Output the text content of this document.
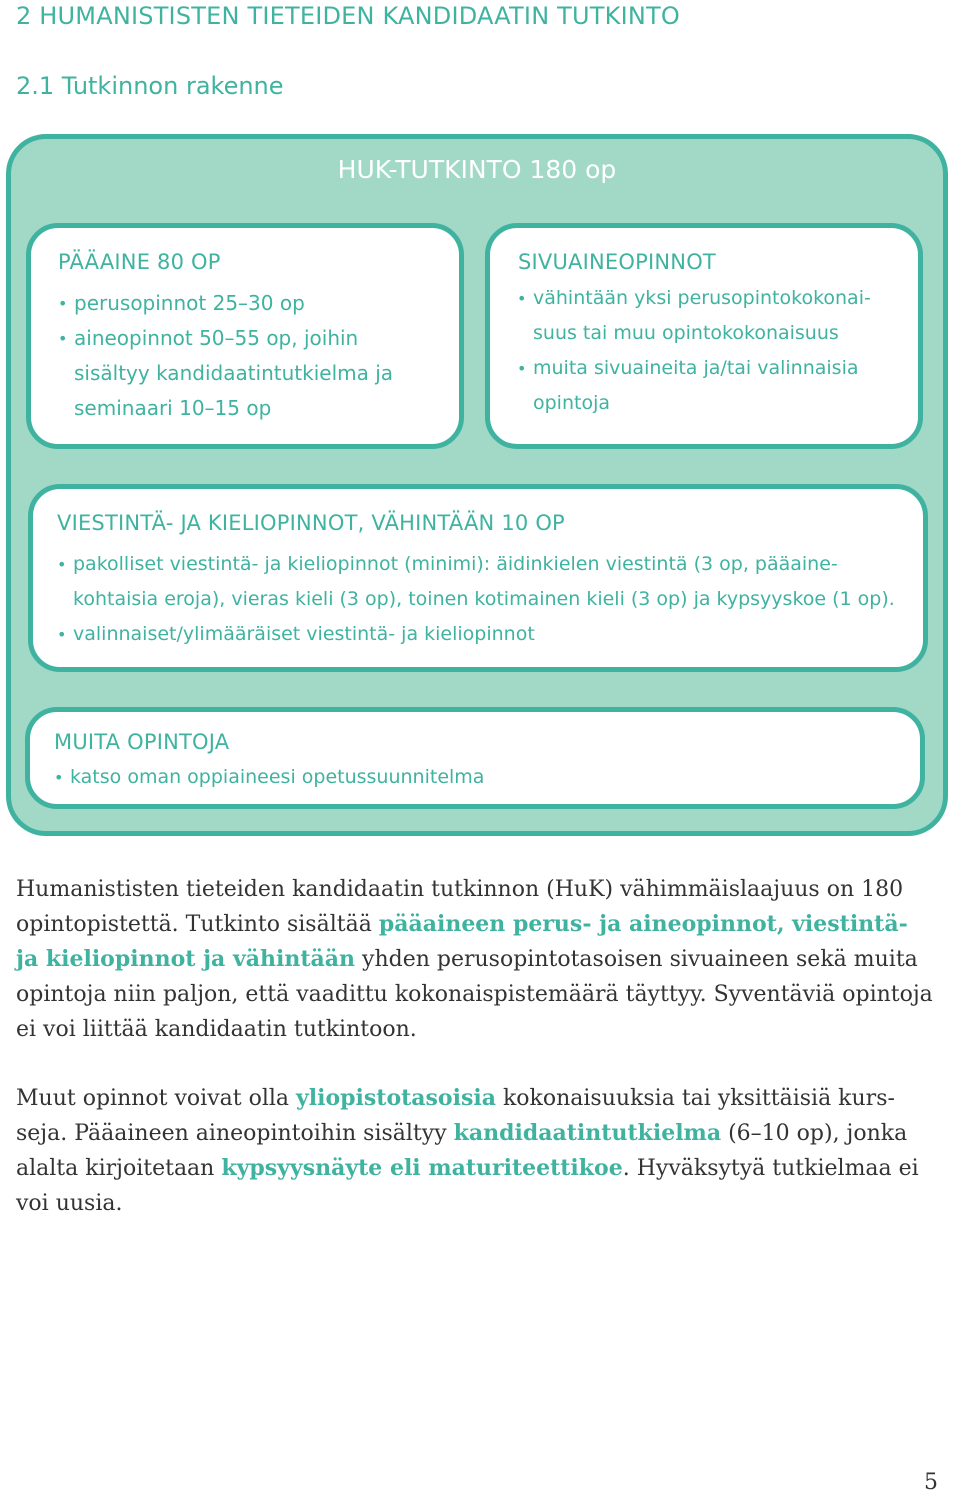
2 HUMANISTISTEN TIETEIDEN KANDIDAATIN TUTKINTO
2.1 Tutkinnon rakenne
HUK-TUTKINTO 180 op
PÄÄAINE 80 OP
• perusopinnot 25–30 op
• aineopinnot 50–55 op, joihin sisältyy kandidaatintutkielma ja seminaari 10–15 op
SIVUAINEOPINNOT
• vähintään yksi perusopintokokonai-suus tai muu opintokokonaisuus
• muita sivuaineita ja/tai valinnaisia opintoja
VIESTINTÄ- JA KIELIOPINNOT, VÄHINTÄÄN 10 OP
• pakolliset viestintä- ja kieliopinnot (minimi): äidinkielen viestintä (3 op, pääaine-kohtaisia eroja), vieras kieli (3 op), toinen kotimainen kieli (3 op) ja kypsyyskoe (1 op).
• valinnaiset/ylimääräiset viestintä- ja kieliopinnot
MUITA OPINTOJA
• katso oman oppiaineesi opetussuunnitelma

Humanististen tieteiden kandidaatin tutkinnon (HuK) vähimmäislaajuus on 180 opintopistettä. Tutkinto sisältää pääaineen perus- ja aineopinnot, viestintä- ja kieliopinnot ja vähintään yhden perusopintotasoisen sivuaineen sekä muita opintoja niin paljon, että vaadittu kokonaispistemäärä täyttyy. Syventäviä opintoja ei voi liittää kandidaatin tutkintoon.

Muut opinnot voivat olla yliopistotasoisia kokonaisuuksia tai yksittäisiä kurs-seja. Pääaineen aineopintoihin sisältyy kandidaatintutkielma (6–10 op), jonka alalta kirjoitetaan kypsyysnäyte eli maturiteettikoe. Hyväksytyä tutkielmaa ei voi uusia.

5
